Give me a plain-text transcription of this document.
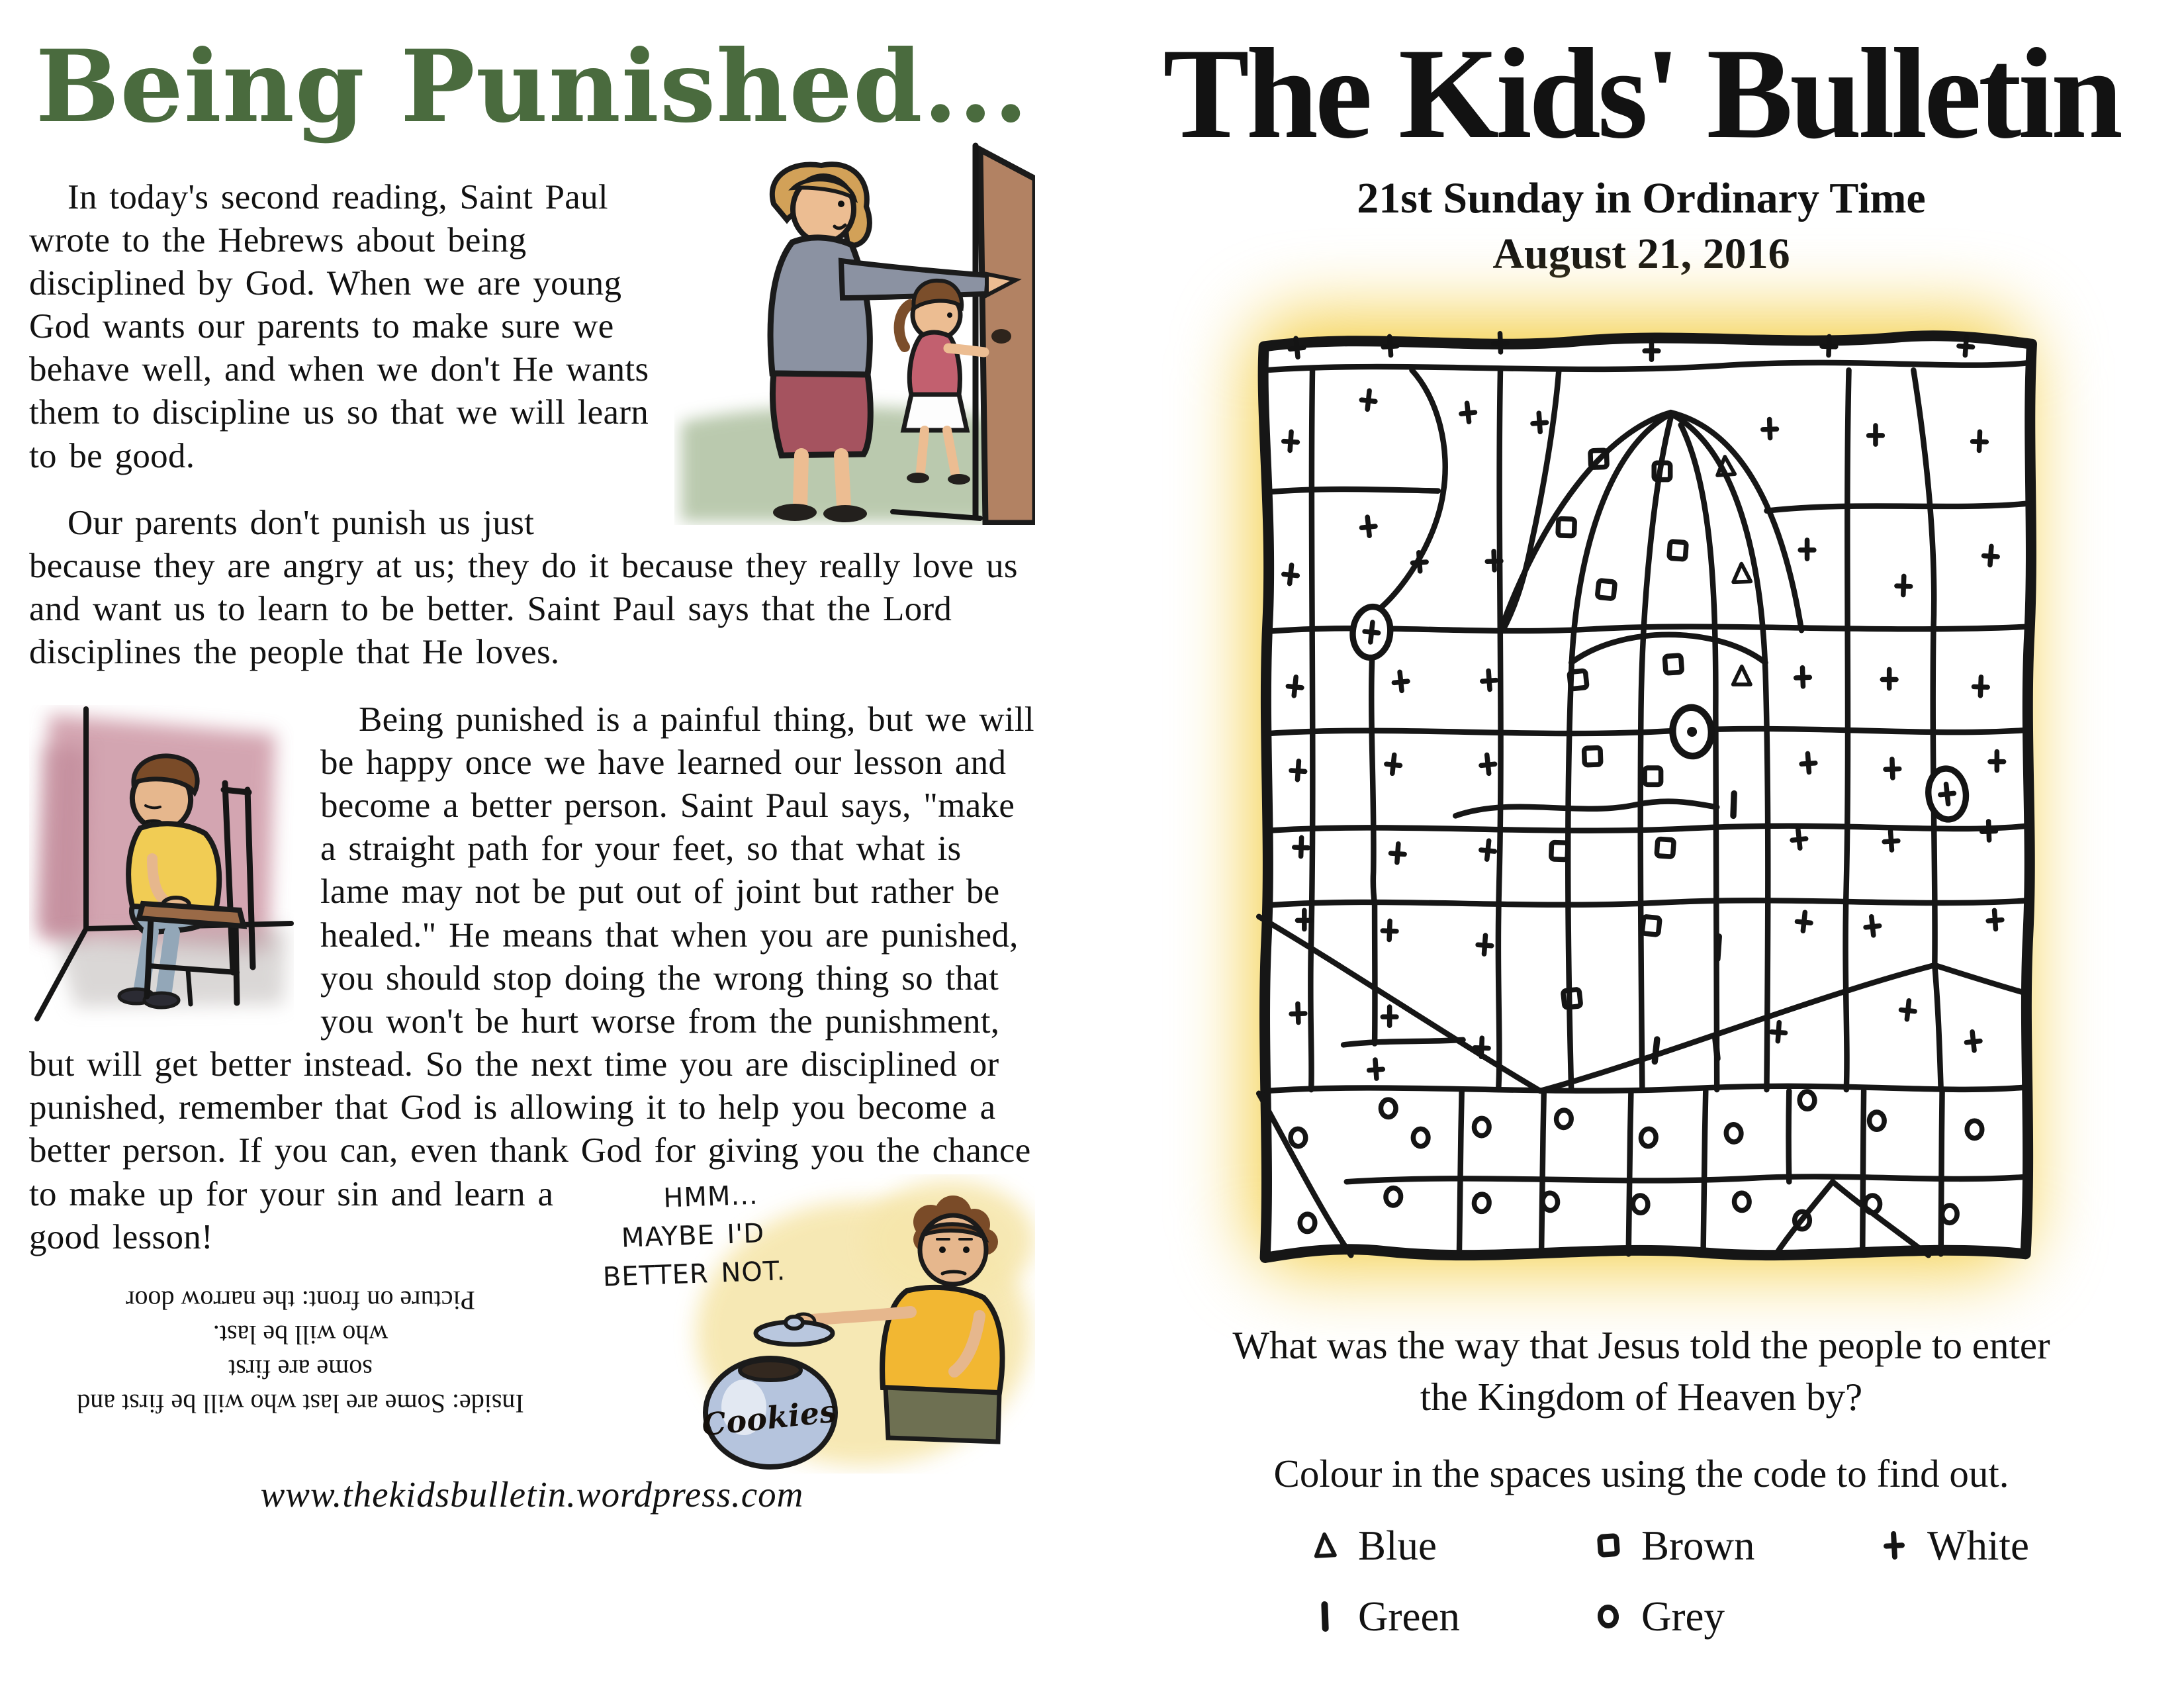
Being Punished...

In today's second reading, Saint Paul wrote to the Hebrews about being disciplined by God. When we are young God wants our parents to make sure we behave well, and when we don't He wants them to discipline us so that we will learn to be good.

Our parents don't punish us just because they are angry at us; they do it because they really love us and want us to learn to be better. Saint Paul says that the Lord disciplines the people that He loves.

Being punished is a painful thing, but we will be happy once we have learned our lesson and become a better person. Saint Paul says, "make a straight path for your feet, so that what is lame may not be put out of joint but rather be healed." He means that when you are punished, you should stop doing the wrong thing so that you won't be hurt worse from the punishment, but will get better instead. So the next time you are disciplined or punished, remember that God is allowing it to help you become a better person. If you can, even thank
Cookies
HMM...
MAYBE I'D
BETTER NOT.
God for giving you the chance to make up for your sin and learn a good lesson!

Inside: Some are last who will be first and some are first
who will be last.
Picture on front: the narrow door
www.thekidsbulletin.wordpress.com
The Kids' Bulletin
21st Sunday in Ordinary Time
August 21, 2016
What was the way that Jesus told the people to enter
the Kingdom of Heaven by?
Colour in the spaces using the code to find out.
Blue	Brown	White
Green	Grey
